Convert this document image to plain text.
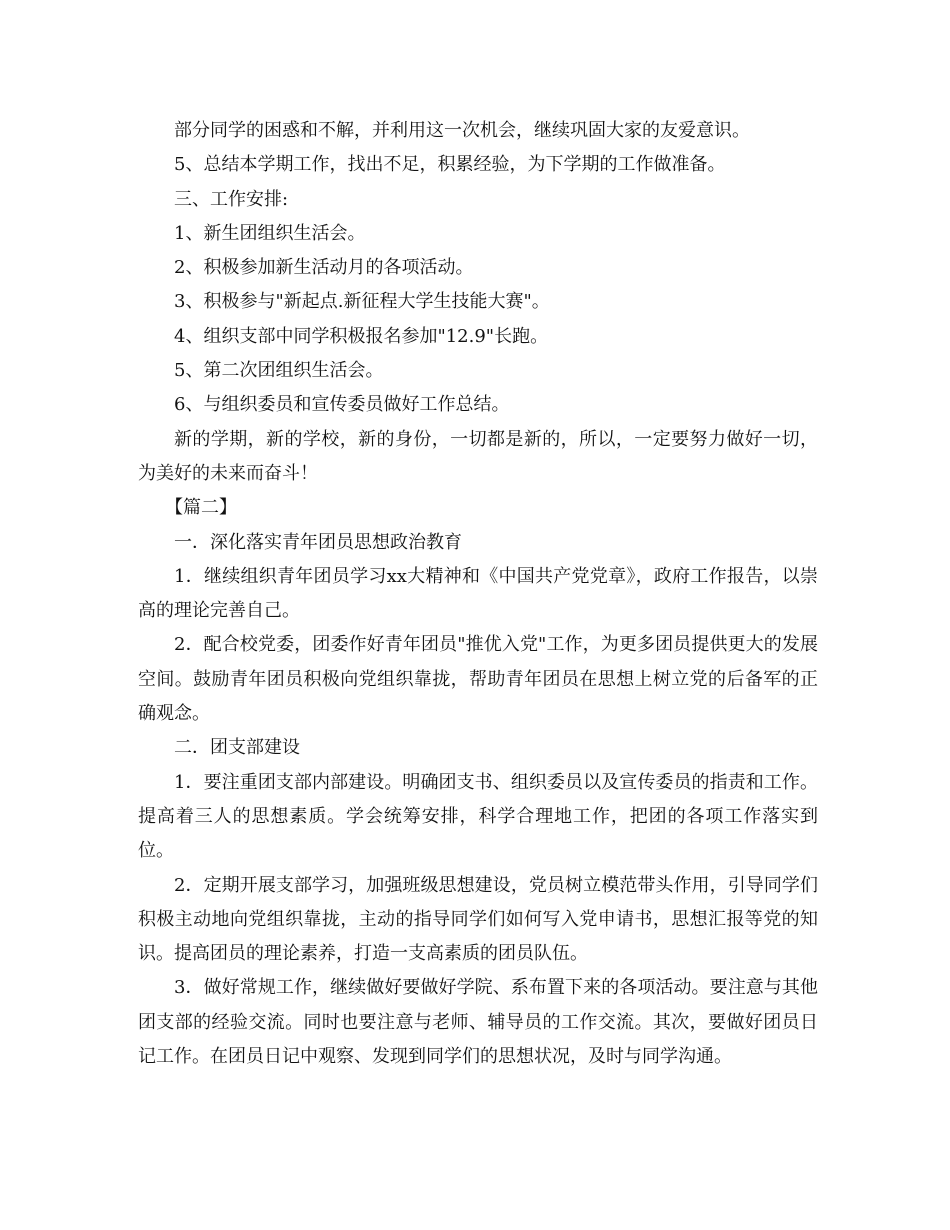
部分同学的困惑和不解，并利用这一次机会，继续巩固大家的友爱意识。

5、总结本学期工作，找出不足，积累经验，为下学期的工作做准备。

三、工作安排:

1、新生团组织生活会。

2、积极参加新生活动月的各项活动。

3、积极参与"新起点.新征程大学生技能大赛"。

4、组织支部中同学积极报名参加"12.9"长跑。

5、第二次团组织生活会。

6、与组织委员和宣传委员做好工作总结。

新的学期，新的学校，新的身份，一切都是新的，所以，一定要努力做好一切，为美好的未来而奋斗！

【篇二】

一．深化落实青年团员思想政治教育

1．继续组织青年团员学习xx大精神和《中国共产党党章》，政府工作报告，以崇高的理论完善自己。

2．配合校党委，团委作好青年团员"推优入党"工作，为更多团员提供更大的发展空间。鼓励青年团员积极向党组织靠拢，帮助青年团员在思想上树立党的后备军的正确观念。

二．团支部建设

1．要注重团支部内部建设。明确团支书、组织委员以及宣传委员的指责和工作。提高着三人的思想素质。学会统筹安排，科学合理地工作，把团的各项工作落实到位。

2．定期开展支部学习，加强班级思想建设，党员树立模范带头作用，引导同学们积极主动地向党组织靠拢，主动的指导同学们如何写入党申请书，思想汇报等党的知识。提高团员的理论素养，打造一支高素质的团员队伍。

3．做好常规工作，继续做好要做好学院、系布置下来的各项活动。要注意与其他团支部的经验交流。同时也要注意与老师、辅导员的工作交流。其次，要做好团员日记工作。在团员日记中观察、发现到同学们的思想状况，及时与同学沟通。
